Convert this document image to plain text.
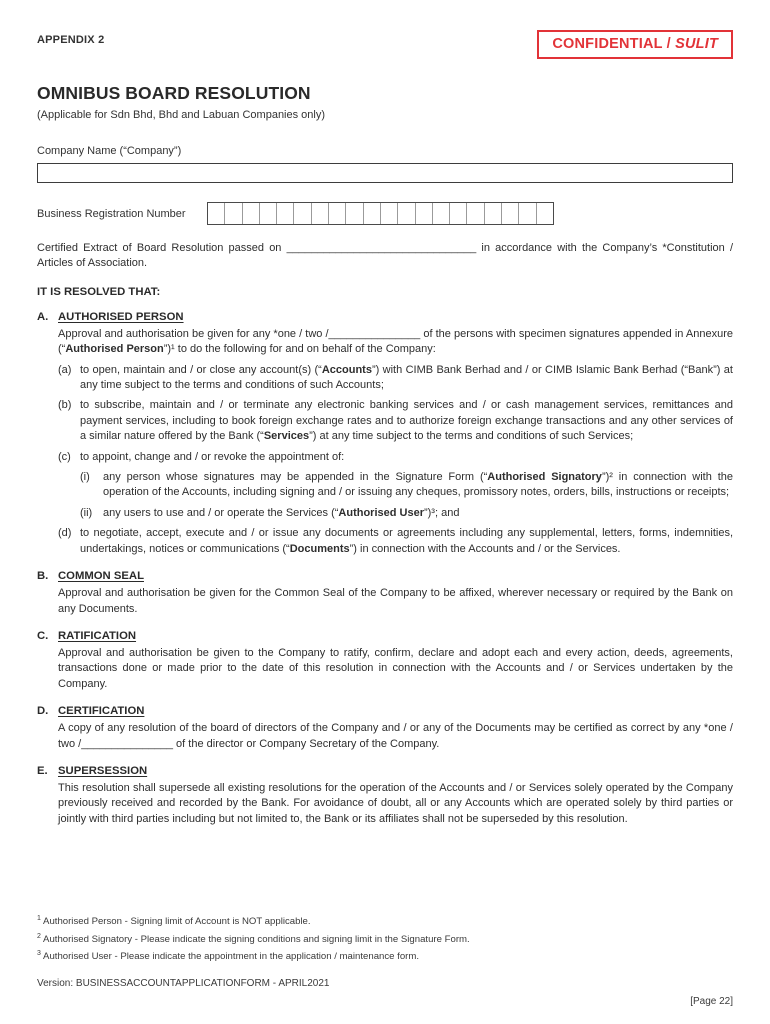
APPENDIX 2	CONFIDENTIAL / SULIT
OMNIBUS BOARD RESOLUTION
(Applicable for Sdn Bhd, Bhd and Labuan Companies only)
Company Name (“Company”)
Business Registration Number

Certified Extract of Board Resolution passed on _______________________________ in accordance with the Company’s *Constitution / Articles of Association.

IT IS RESOLVED THAT:
A. AUTHORISED PERSON

Approval and authorisation be given for any *one / two /_______________ of the persons with specimen signatures appended in Annexure (“Authorised Person”)¹ to do the following for and on behalf of the Company:

(a) to open, maintain and / or close any account(s) (“Accounts”) with CIMB Bank Berhad and / or CIMB Islamic Bank Berhad (“Bank”) at any time subject to the terms and conditions of such Accounts;

(b) to subscribe, maintain and / or terminate any electronic banking services and / or cash management services, remittances and payment services, including to book foreign exchange rates and to authorize foreign exchange transactions and any other services of a similar nature offered by the Bank (“Services”) at any time subject to the terms and conditions of such Services;

(c) to appoint, change and / or revoke the appointment of:

(i)	any person whose signatures may be appended in the Signature Form (“Authorised Signatory”)² in connection with the operation of the Accounts, including signing and / or issuing any cheques, promissory notes, orders, bills, instructions or receipts;

(ii) any users to use and / or operate the Services (“Authorised User”)³; and

(d) to negotiate, accept, execute and / or issue any documents or agreements including any supplemental, letters, forms, indemnities, undertakings, notices or communications (“Documents”) in connection with the Accounts and / or the Services.

B. COMMON SEAL

Approval and authorisation be given for the Common Seal of the Company to be affixed, wherever necessary or required by the Bank on any Documents.

C. RATIFICATION

Approval and authorisation be given to the Company to ratify, confirm, declare and adopt each and every action, deeds, agreements, transactions done or made prior to the date of this resolution in connection with the Accounts and / or Services undertaken by the Company.

D. CERTIFICATION

A copy of any resolution of the board of directors of the Company and / or any of the Documents may be certified as correct by any *one / two /_______________ of the director or Company Secretary of the Company.

E. SUPERSESSION

This resolution shall supersede all existing resolutions for the operation of the Accounts and / or Services solely operated by the Company previously received and recorded by the Bank. For avoidance of doubt, all or any Accounts which are operated solely by third parties or jointly with third parties including but not limited to, the Bank or its affiliates shall not be superseded by this resolution.

$^1$ Authorised Person - Signing limit of Account is NOT applicable.
$^2$ Authorised Signatory - Please indicate the signing conditions and signing limit in the Signature Form.
$^3$ Authorised User - Please indicate the appointment in the application / maintenance form.
Version: BUSINESSACCOUNTAPPLICATIONFORM - APRIL2021
[Page 22]
